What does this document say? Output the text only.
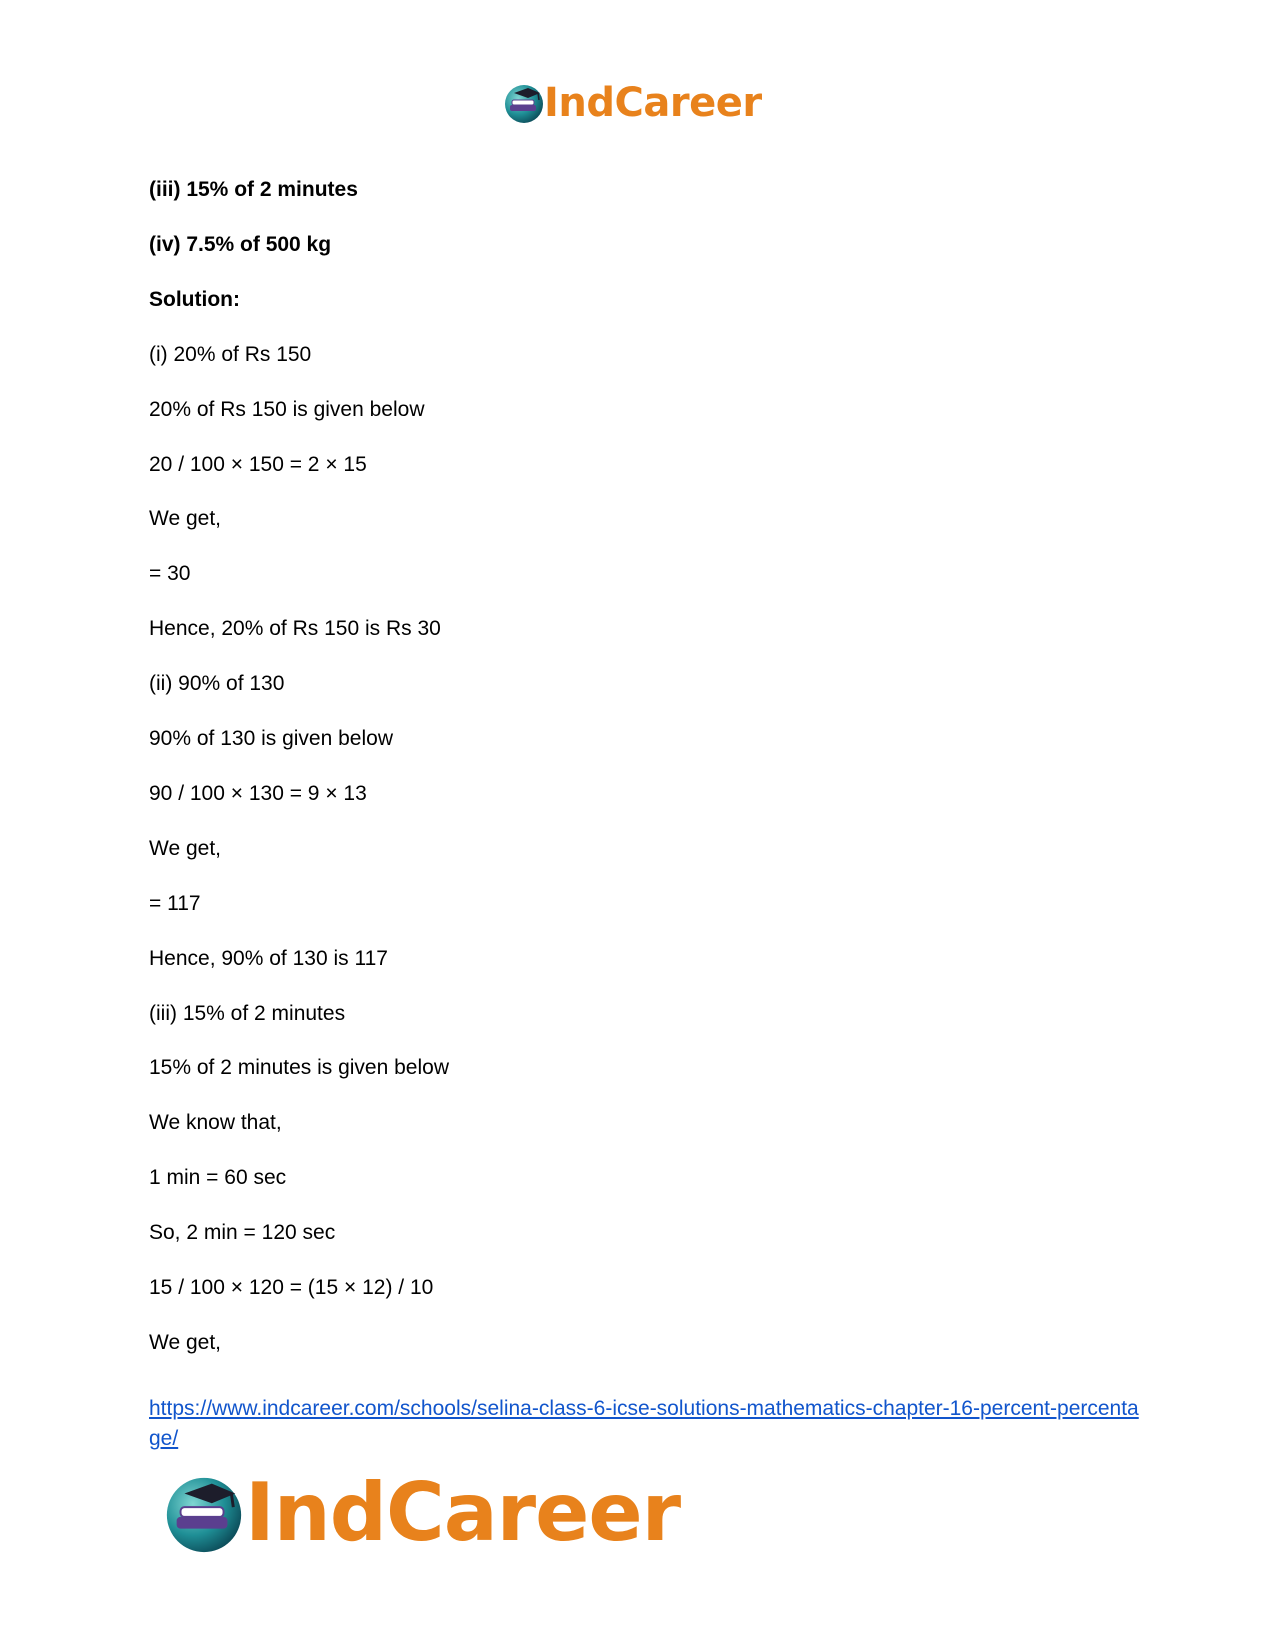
IndCareer
(iii) 15% of 2 minutes
(iv) 7.5% of 500 kg
Solution:
(i) 20% of Rs 150
20% of Rs 150 is given below
20 / 100 × 150 = 2 × 15
We get,
= 30
Hence, 20% of Rs 150 is Rs 30
(ii) 90% of 130
90% of 130 is given below
90 / 100 × 130 = 9 × 13
We get,
= 117
Hence, 90% of 130 is 117
(iii) 15% of 2 minutes
15% of 2 minutes is given below
We know that,
1 min = 60 sec
So, 2 min = 120 sec
15 / 100 × 120 = (15 × 12) / 10
We get,
https://www.indcareer.com/schools/selina-class-6-icse-solutions-mathematics-chapter-16-percent-percentage/
IndCareer
